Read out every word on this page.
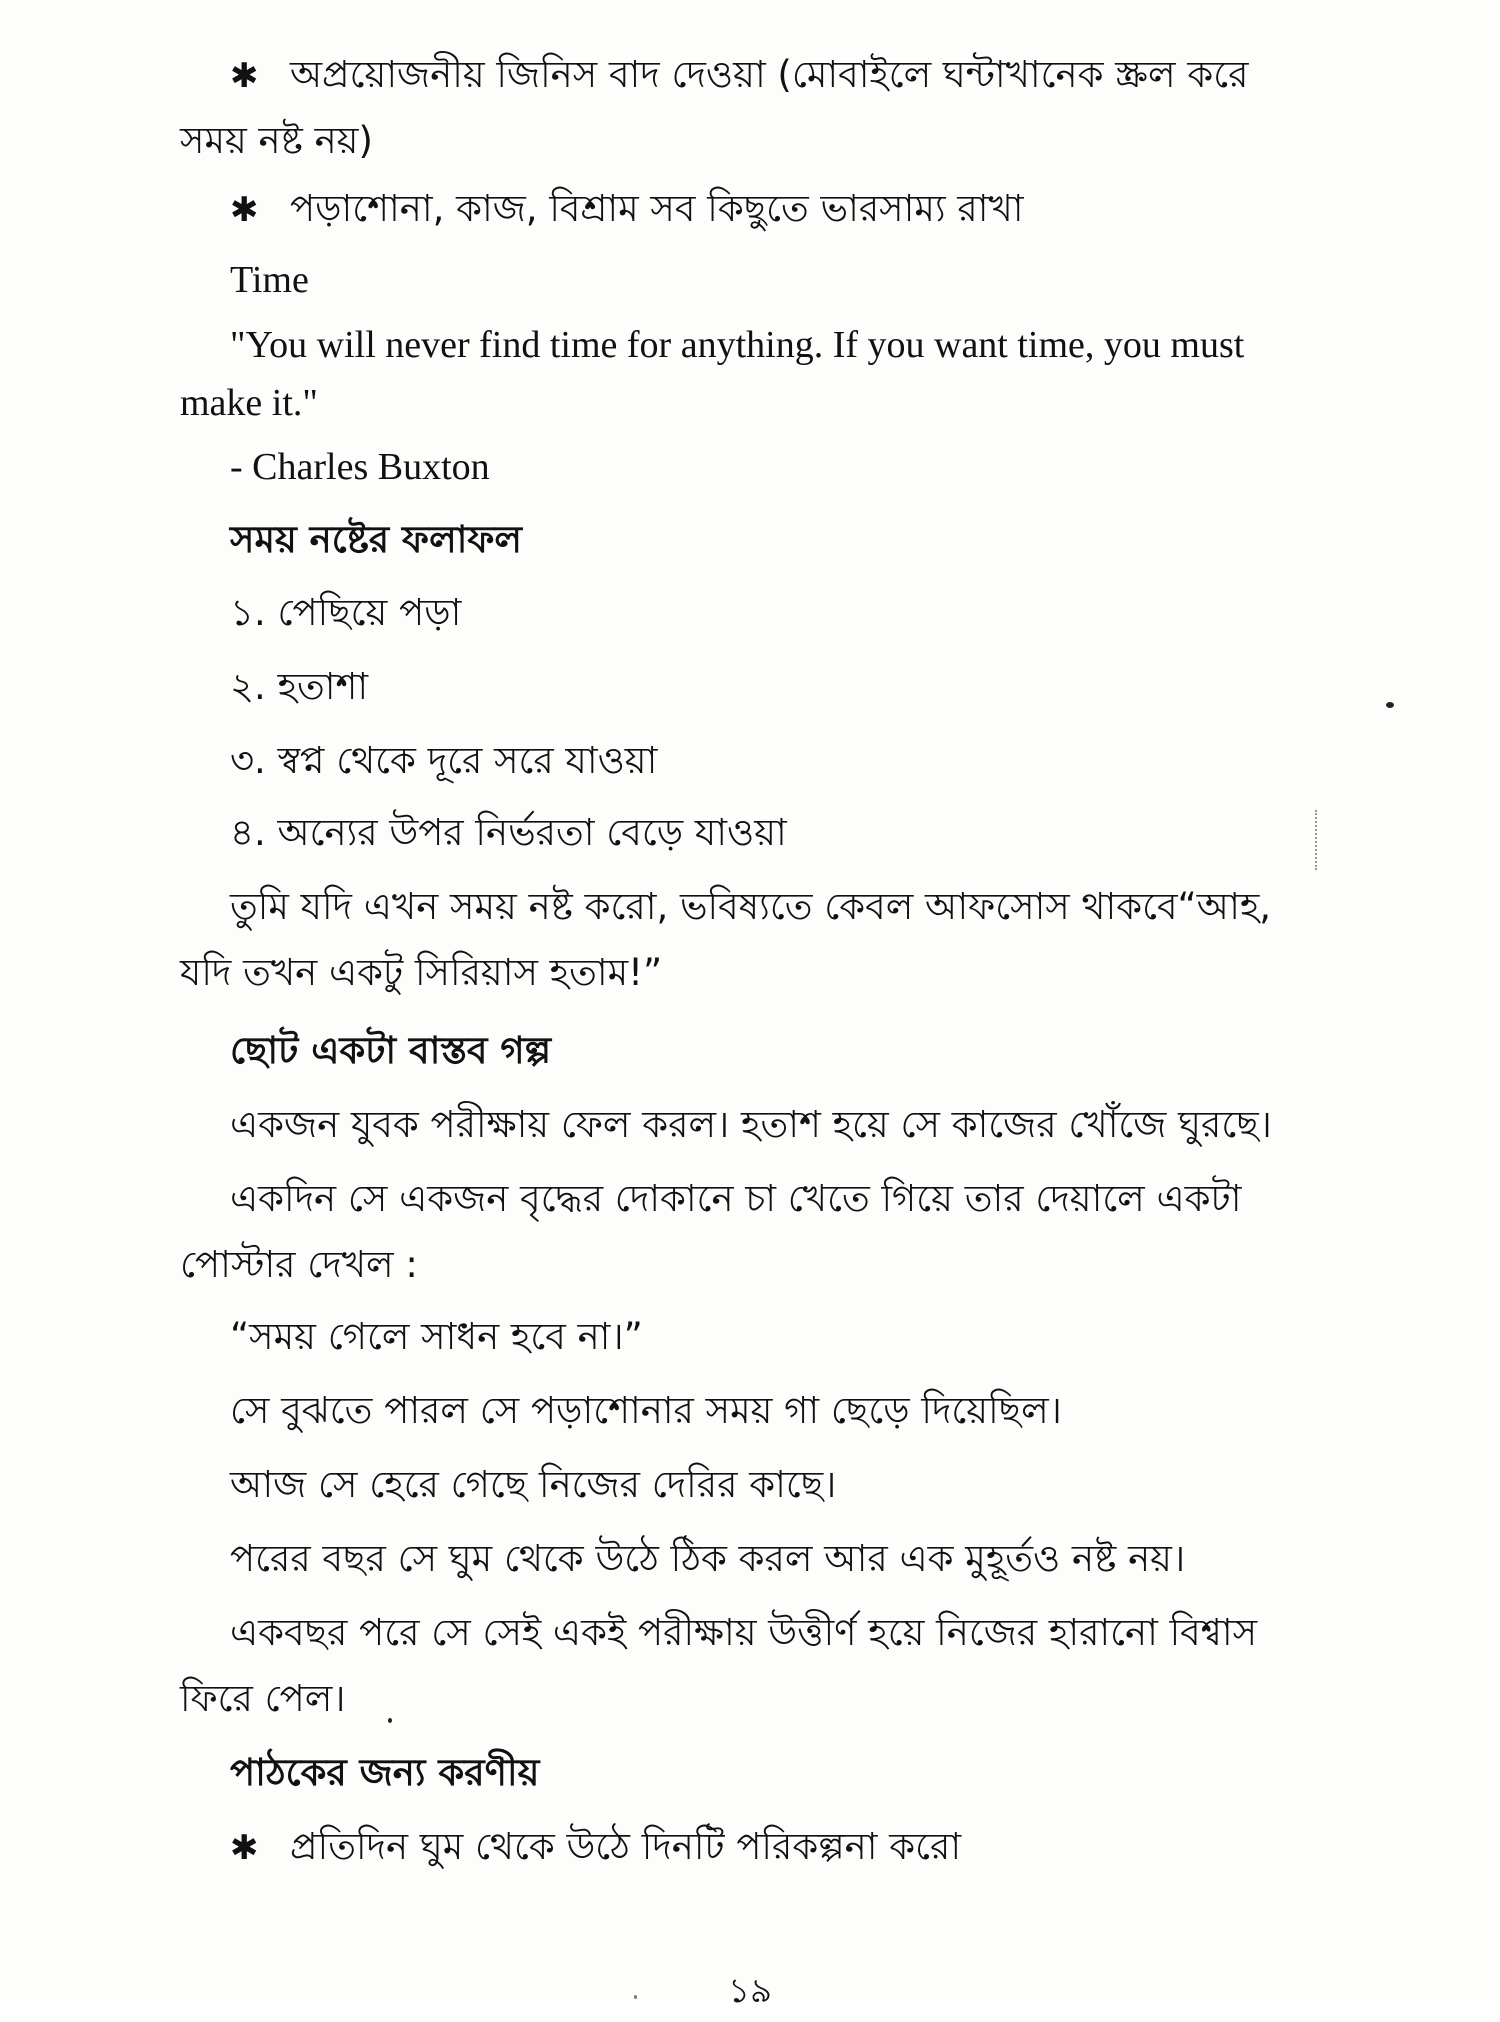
✱ অপ্রয়োজনীয় জিনিস বাদ দেওয়া (মোবাইলে ঘন্টাখানেক স্ক্রল করে
সময় নষ্ট নয়)
✱ পড়াশোনা, কাজ, বিশ্রাম সব কিছুতে ভারসাম্য রাখা
Time
"You will never find time for anything. If you want time, you must
make it."
- Charles Buxton
সময় নষ্টের ফলাফল
১. পেছিয়ে পড়া
২. হতাশা
৩. স্বপ্ন থেকে দূরে সরে যাওয়া
৪. অন্যের উপর নির্ভরতা বেড়ে যাওয়া
তুমি যদি এখন সময় নষ্ট করো, ভবিষ্যতে কেবল আফসোস থাকবে“আহ,
যদি তখন একটু সিরিয়াস হতাম!”
ছোট একটা বাস্তব গল্প
একজন যুবক পরীক্ষায় ফেল করল। হতাশ হয়ে সে কাজের খোঁজে ঘুরছে।
একদিন সে একজন বৃদ্ধের দোকানে চা খেতে গিয়ে তার দেয়ালে একটা
পোস্টার দেখল :
“সময় গেলে সাধন হবে না।”
সে বুঝতে পারল সে পড়াশোনার সময় গা ছেড়ে দিয়েছিল।
আজ সে হেরে গেছে নিজের দেরির কাছে।
পরের বছর সে ঘুম থেকে উঠে ঠিক করল আর এক মুহূর্তও নষ্ট নয়।
একবছর পরে সে সেই একই পরীক্ষায় উত্তীর্ণ হয়ে নিজের হারানো বিশ্বাস
ফিরে পেল।
পাঠকের জন্য করণীয়
✱ প্রতিদিন ঘুম থেকে উঠে দিনটি পরিকল্পনা করো
১৯
